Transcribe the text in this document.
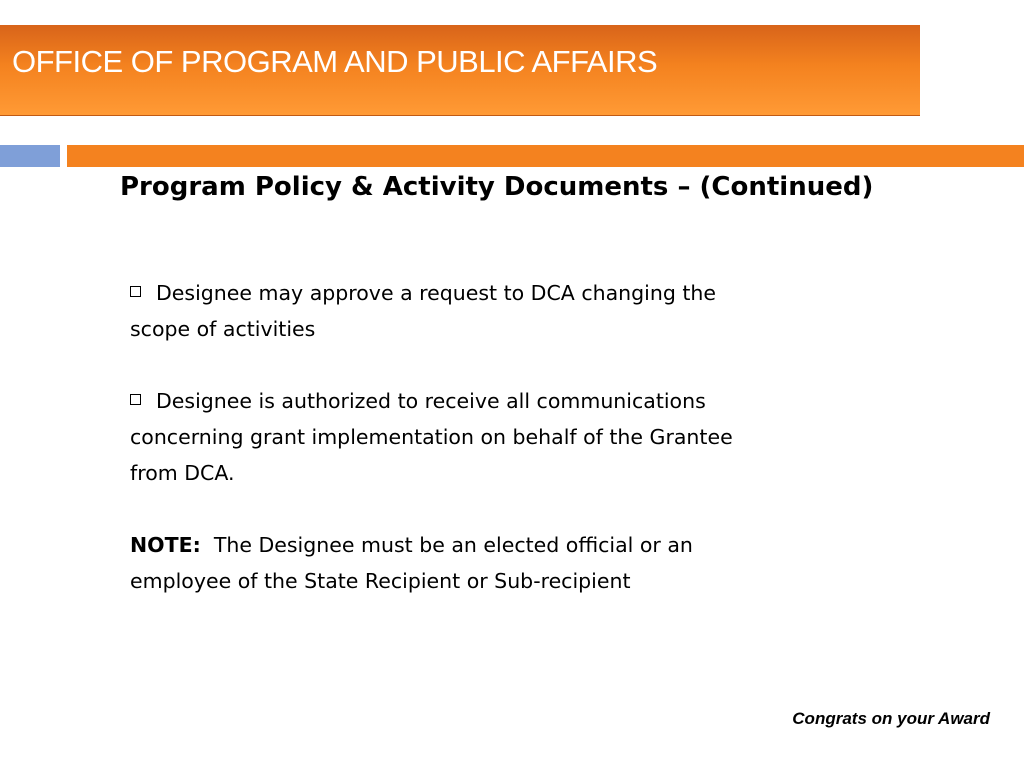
OFFICE OF PROGRAM AND PUBLIC AFFAIRS
Program Policy & Activity Documents – (Continued)
Designee may approve a request to DCA changing the
scope of activities
Designee is authorized to receive all communications
concerning grant implementation on behalf of the Grantee
from DCA.
NOTE: The Designee must be an elected official or an
employee of the State Recipient or Sub-recipient
Congrats on your Award
